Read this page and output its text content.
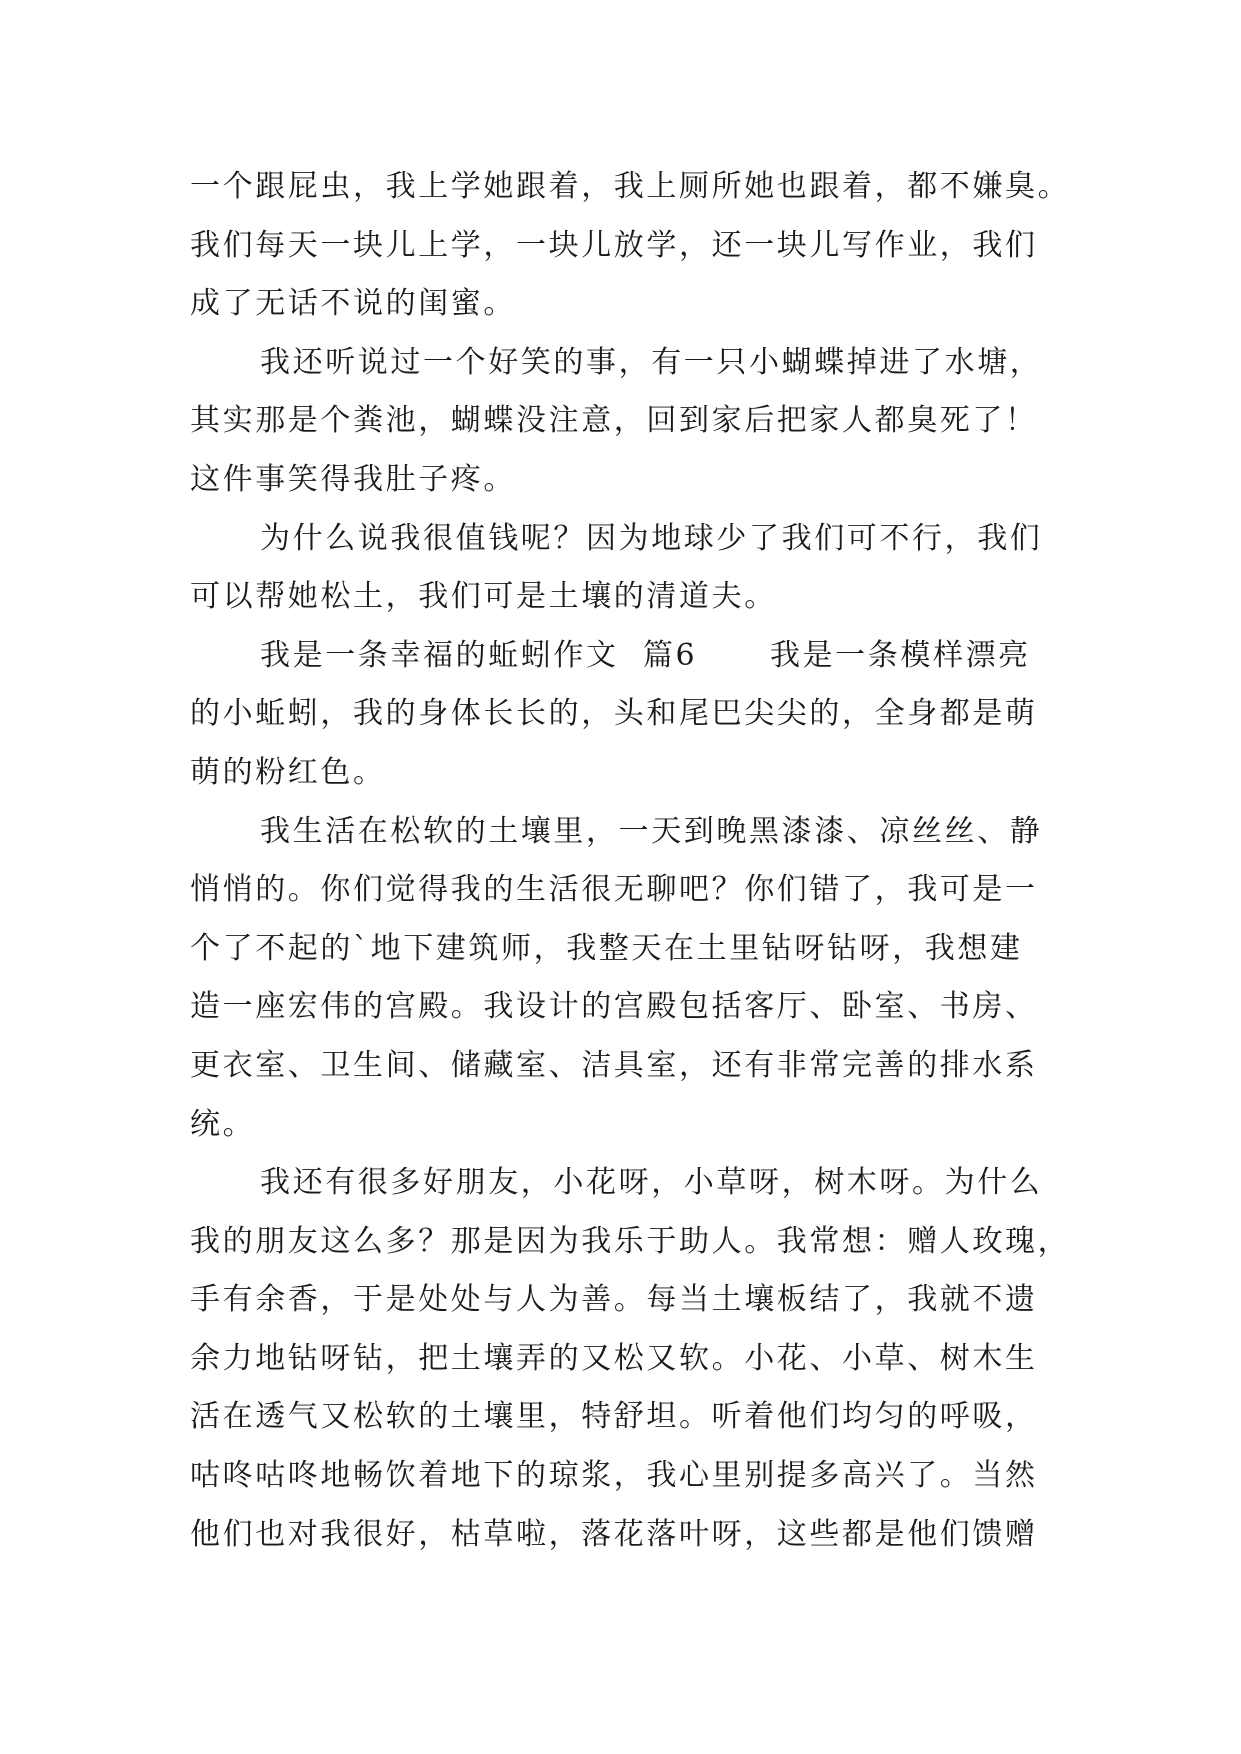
一个跟屁虫，我上学她跟着，我上厕所她也跟着，都不嫌臭。
我们每天一块儿上学，一块儿放学，还一块儿写作业，我们
成了无话不说的闺蜜。
我还听说过一个好笑的事，有一只小蝴蝶掉进了水塘，
其实那是个粪池，蝴蝶没注意，回到家后把家人都臭死了！
这件事笑得我肚子疼。
为什么说我很值钱呢？因为地球少了我们可不行，我们
可以帮她松土，我们可是土壤的清道夫。
我是一条幸福的蚯蚓作文  篇6      我是一条模样漂亮
的小蚯蚓，我的身体长长的，头和尾巴尖尖的，全身都是萌
萌的粉红色。
我生活在松软的土壤里，一天到晚黑漆漆、凉丝丝、静
悄悄的。你们觉得我的生活很无聊吧？你们错了，我可是一
个了不起的`地下建筑师，我整天在土里钻呀钻呀，我想建
造一座宏伟的宫殿。我设计的宫殿包括客厅、卧室、书房、
更衣室、卫生间、储藏室、洁具室，还有非常完善的排水系
统。
我还有很多好朋友，小花呀，小草呀，树木呀。为什么
我的朋友这么多？那是因为我乐于助人。我常想：赠人玫瑰，
手有余香，于是处处与人为善。每当土壤板结了，我就不遗
余力地钻呀钻，把土壤弄的又松又软。小花、小草、树木生
活在透气又松软的土壤里，特舒坦。听着他们均匀的呼吸，
咕咚咕咚地畅饮着地下的琼浆，我心里别提多高兴了。当然
他们也对我很好，枯草啦，落花落叶呀，这些都是他们馈赠
